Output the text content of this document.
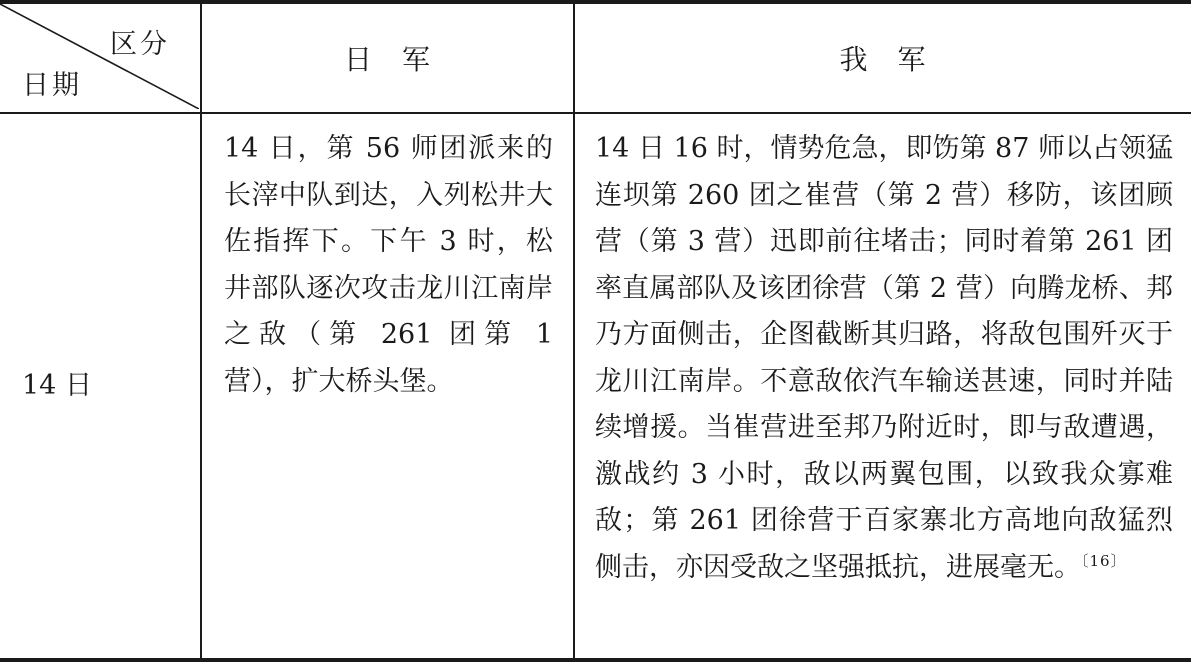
区分
日期	日　军	我　军
14 日	14 日，第 56 师团派来的长滓中队到达，入列松井大佐指挥下。下午 3 时，松井部队逐次攻击龙川江南岸之敌（第 261 团第 1 营），扩大桥头堡。	14 日 16 时，情势危急，即饬第 87 师以占领猛连坝第 260 团之崔营（第 2 营）移防，该团顾营（第 3 营）迅即前往堵击；同时着第 261 团率直属部队及该团徐营（第 2 营）向腾龙桥、邦乃方面侧击，企图截断其归路，将敌包围歼灭于龙川江南岸。不意敌依汽车输送甚速，同时并陆续增援。当崔营进至邦乃附近时，即与敌遭遇，激战约 3 小时，敌以两翼包围，以致我众寡难敌；第 261 团徐营于百家寨北方高地向敌猛烈侧击，亦因受敌之坚强抵抗，进展毫无。$^{〔16〕}$
